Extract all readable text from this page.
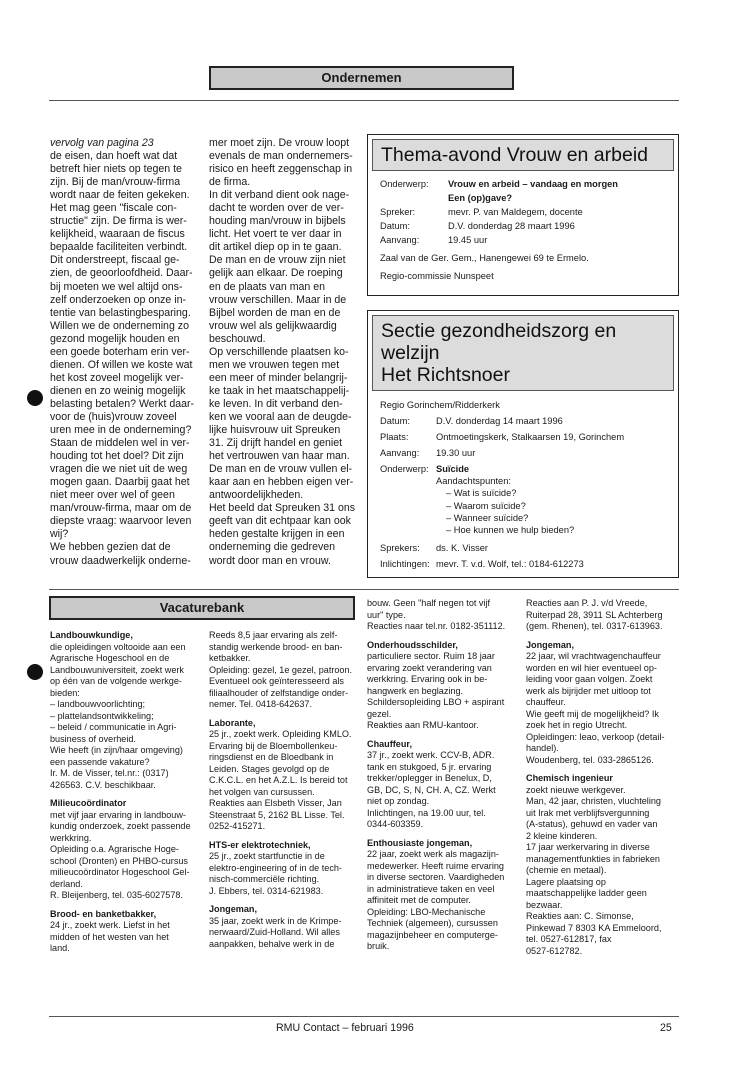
Ondernemen

vervolg van pagina 23

de eisen, dan hoeft wat dat

betreft hier niets op tegen te

zijn. Bij de man/vrouw-firma

wordt naar de feiten gekeken.

Het mag geen "fiscale con-

structie" zijn. De firma is wer-

kelijkheid, waaraan de fiscus

bepaalde faciliteiten verbindt.

Dit onderstreept, fiscaal ge-

zien, de geoorloofdheid. Daar-

bij moeten we wel altijd ons-

zelf onderzoeken op onze in-

tentie van belastingbesparing.

Willen we de onderneming zo

gezond mogelijk houden en

een goede boterham erin ver-

dienen. Of willen we koste wat

het kost zoveel mogelijk ver-

dienen en zo weinig mogelijk

belasting betalen? Werkt daar-

voor de (huis)vrouw zoveel

uren mee in de onderneming?

Staan de middelen wel in ver-

houding tot het doel? Dit zijn

vragen die we niet uit de weg

mogen gaan. Daarbij gaat het

niet meer over wel of geen

man/vrouw-firma, maar om de

diepste vraag: waarvoor leven

wij?

We hebben gezien dat de

vrouw daadwerkelijk onderne-

mer moet zijn. De vrouw loopt

evenals de man ondernemers-

risico en heeft zeggenschap in

de firma.

In dit verband dient ook nage-

dacht te worden over de ver-

houding man/vrouw in bijbels

licht. Het voert te ver daar in

dit artikel diep op in te gaan.

De man en de vrouw zijn niet

gelijk aan elkaar. De roeping

en de plaats van man en

vrouw verschillen. Maar in de

Bijbel worden de man en de

vrouw wel als gelijkwaardig

beschouwd.

Op verschillende plaatsen ko-

men we vrouwen tegen met

een meer of minder belangrij-

ke taak in het maatschappelij-

ke leven. In dit verband den-

ken we vooral aan de deugde-

lijke huisvrouw uit Spreuken

31. Zij drijft handel en geniet

het vertrouwen van haar man.

De man en de vrouw vullen el-

kaar aan en hebben eigen ver-

antwoordelijkheden.

Het beeld dat Spreuken 31 ons

geeft van dit echtpaar kan ook

heden gestalte krijgen in een

onderneming die gedreven

wordt door man en vrouw.

Thema-avond Vrouw en arbeid
Onderwerp:	Vrouw en arbeid – vandaag en morgen
Een (op)gave?
Spreker:	mevr. P. van Maldegem, docente
Datum:	D.V. donderdag 28 maart 1996
Aanvang:	19.45 uur
Zaal van de Ger. Gem., Hanengewei 69 te Ermelo.
Regio-commissie Nunspeet
Sectie gezondheidszorg en welzijn
Het Richtsnoer
Regio Gorinchem/Ridderkerk
Datum:	D.V. donderdag 14 maart 1996
Plaats:	Ontmoetingskerk, Stalkaarsen 19, Gorinchem
Aanvang:	19.30 uur
Onderwerp: Suïcide
Aandachtspunten:
– Wat is suïcide?
– Waarom suïcide?
– Wanneer suïcide?
– Hoe kunnen we hulp bieden?
Sprekers:	ds. K. Visser
Inlichtingen: mevr. T. v.d. Wolf, tel.: 0184-612273
Vacaturebank

Landbouwkundige,

die opleidingen voltooide aan een

Agrarische Hogeschool en de

Landbouwuniversiteit, zoekt werk

op één van de volgende werkge-

bieden:

– landbouwvoorlichting;

– plattelandsontwikkeling;

– beleid / communicatie in Agri-

business of overheid.

Wie heeft (in zijn/haar omgeving)

een passende vakature?

Ir. M. de Visser, tel.nr.: (0317)

426563. C.V. beschikbaar.

Milieucoördinator

met vijf jaar ervaring in landbouw-

kundig onderzoek, zoekt passende

werkkring.

Opleiding o.a. Agrarische Hoge-

school (Dronten) en PHBO-cursus

milieucoördinator Hogeschool Gel-

derland.

R. Bleijenberg, tel. 035-6027578.

Brood- en banketbakker,

24 jr., zoekt werk. Liefst in het

midden of het westen van het

land.

Reeds 8,5 jaar ervaring als zelf-

standig werkende brood- en ban-

ketbakker.

Opleiding: gezel, 1e gezel, patroon.

Eventueel ook geïnteresseerd als

filiaalhouder of zelfstandige onder-

nemer. Tel. 0418-642637.

Laborante,

25 jr., zoekt werk. Opleiding KMLO.

Ervaring bij de Bloembollenkeu-

ringsdienst en de Bloedbank in

Leiden. Stages gevolgd op de

C.K.C.L. en het A.Z.L. Is bereid tot

het volgen van cursussen.

Reakties aan Elsbeth Visser, Jan

Steenstraat 5, 2162 BL Lisse. Tel.

0252-415271.

HTS-er elektrotechniek,

25 jr., zoekt startfunctie in de

elektro-engineering of in de tech-

nisch-commerciële richting.

J. Ebbers, tel. 0314-621983.

Jongeman,

35 jaar, zoekt werk in de Krimpe-

nerwaard/Zuid-Holland. Wil alles

aanpakken, behalve werk in de

bouw. Geen "half negen tot vijf

uur" type.

Reacties naar tel.nr. 0182-351112.

Onderhoudsschilder,

particuliere sector. Ruim 18 jaar

ervaring zoekt verandering van

werkkring. Ervaring ook in be-

hangwerk en beglazing.

Schildersopleiding LBO + aspirant

gezel.

Reakties aan RMU-kantoor.

Chauffeur,

37 jr., zoekt werk. CCV-B, ADR.

tank en stukgoed, 5 jr. ervaring

trekker/oplegger in Benelux, D,

GB, DC, S, N, CH. A, CZ. Werkt

niet op zondag.

Inlichtingen, na 19.00 uur, tel.

0344-603359.

Enthousiaste jongeman,

22 jaar, zoekt werk als magazijn-

medewerker. Heeft ruime ervaring

in diverse sectoren. Vaardigheden

in administratieve taken en veel

affiniteit met de computer.

Opleiding: LBO-Mechanische

Techniek (algemeen), cursussen

magazijnbeheer en computerge-

bruik.

Reacties aan P. J. v/d Vreede,

Ruiterpad 28, 3911 SL Achterberg

(gem. Rhenen), tel. 0317-613963.

Jongeman,

22 jaar, wil vrachtwagenchauffeur

worden en wil hier eventueel op-

leiding voor gaan volgen. Zoekt

werk als bijrijder met uitloop tot

chauffeur.

Wie geeft mij de mogelijkheid? Ik

zoek het in regio Utrecht.

Opleidingen: leao, verkoop (detail-

handel).

Woudenberg, tel. 033-2865126.

Chemisch ingenieur

zoekt nieuwe werkgever.

Man, 42 jaar, christen, vluchteling

uit Irak met verblijfsvergunning

(A-status), gehuwd en vader van

2 kleine kinderen.

17 jaar werkervaring in diverse

managementfunkties in fabrieken

(chemie en metaal).

Lagere plaatsing op

maatschappelijke ladder geen

bezwaar.

Reakties aan: C. Simonse,

Pinkewad 7 8303 KA Emmeloord,

tel. 0527-612817, fax

0527-612782.

RMU Contact – februari 1996	25
